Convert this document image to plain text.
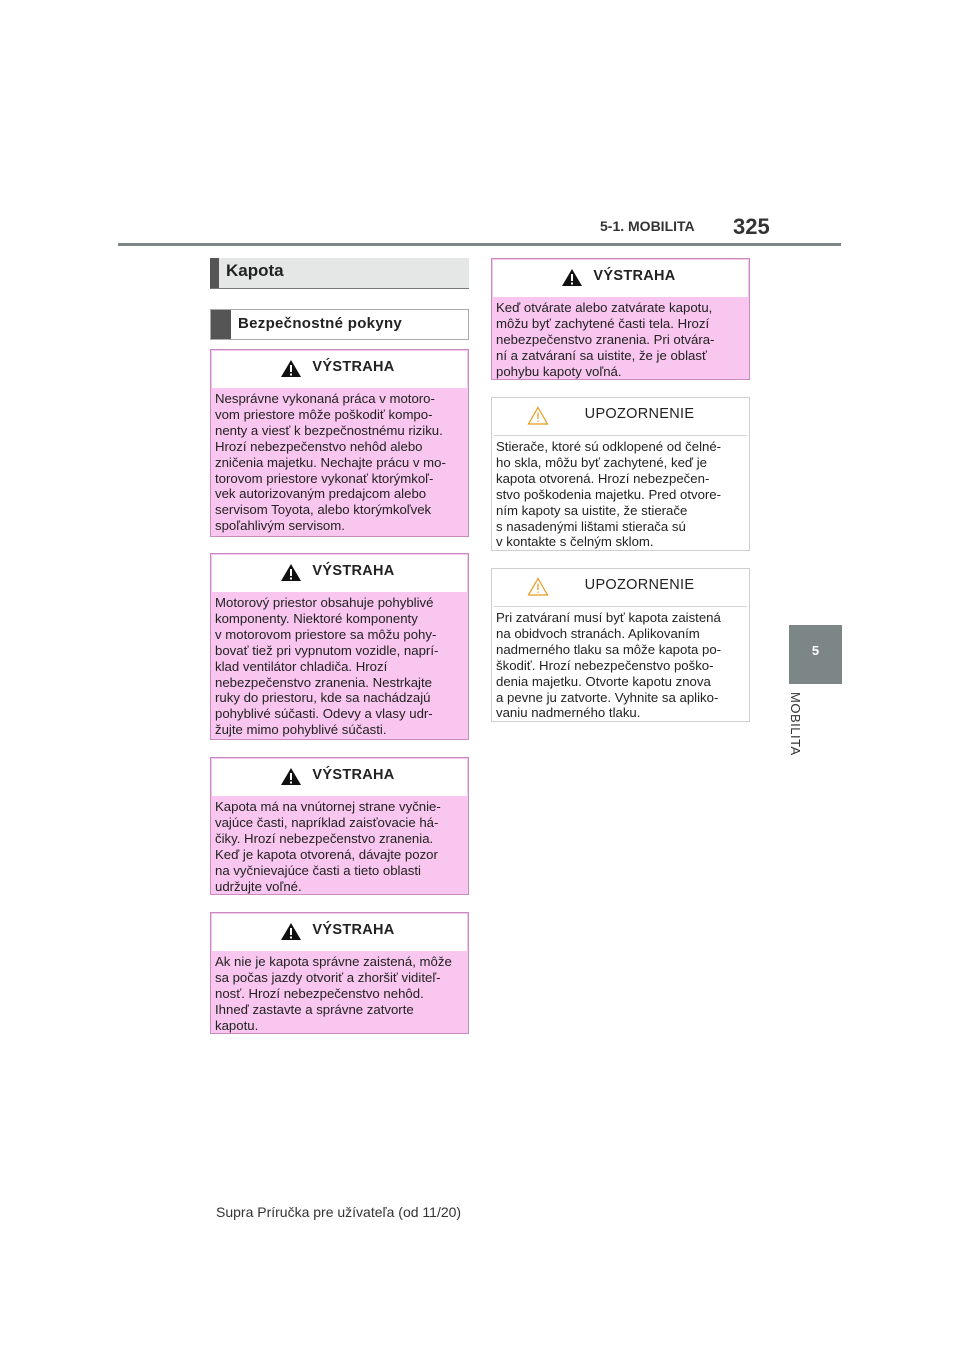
5-1. MOBILITA 325
5
MOBILITA
Kapota
Bezpečnostné pokyny
VÝSTRAHA
Nesprávne vykonaná práca v motoro-
vom priestore môže poškodiť kompo-
nenty a viesť k bezpečnostnému riziku.
Hrozí nebezpečenstvo nehôd alebo
zničenia majetku. Nechajte prácu v mo-
torovom priestore vykonať ktorýmkoľ-
vek autorizovaným predajcom alebo
servisom Toyota, alebo ktorýmkoľvek
spoľahlivým servisom.
VÝSTRAHA
Motorový priestor obsahuje pohyblivé
komponenty. Niektoré komponenty
v motorovom priestore sa môžu pohy-
bovať tiež pri vypnutom vozidle, naprí-
klad ventilátor chladiča. Hrozí
nebezpečenstvo zranenia. Nestrkajte
ruky do priestoru, kde sa nachádzajú
pohyblivé súčasti. Odevy a vlasy udr-
žujte mimo pohyblivé súčasti.
VÝSTRAHA
Kapota má na vnútornej strane vyčnie-
vajúce časti, napríklad zaisťovacie há-
čiky. Hrozí nebezpečenstvo zranenia.
Keď je kapota otvorená, dávajte pozor
na vyčnievajúce časti a tieto oblasti
udržujte voľné.
VÝSTRAHA
Ak nie je kapota správne zaistená, môže
sa počas jazdy otvoriť a zhoršiť viditeľ-
nosť. Hrozí nebezpečenstvo nehôd.
Ihneď zastavte a správne zatvorte
kapotu.
VÝSTRAHA
Keď otvárate alebo zatvárate kapotu,
môžu byť zachytené časti tela. Hrozí
nebezpečenstvo zranenia. Pri otvára-
ní a zatváraní sa uistite, že je oblasť
pohybu kapoty voľná.
UPOZORNENIE
Stierače, ktoré sú odklopené od čelné-
ho skla, môžu byť zachytené, keď je
kapota otvorená. Hrozí nebezpečen-
stvo poškodenia majetku. Pred otvore-
ním kapoty sa uistite, že stierače
s nasadenými lištami stierača sú
v kontakte s čelným sklom.
UPOZORNENIE
Pri zatváraní musí byť kapota zaistená
na obidvoch stranách. Aplikovaním
nadmerného tlaku sa môže kapota po-
škodiť. Hrozí nebezpečenstvo poško-
denia majetku. Otvorte kapotu znova
a pevne ju zatvorte. Vyhnite sa apliko-
vaniu nadmerného tlaku.
Supra Príručka pre užívateľa (od 11/20)
